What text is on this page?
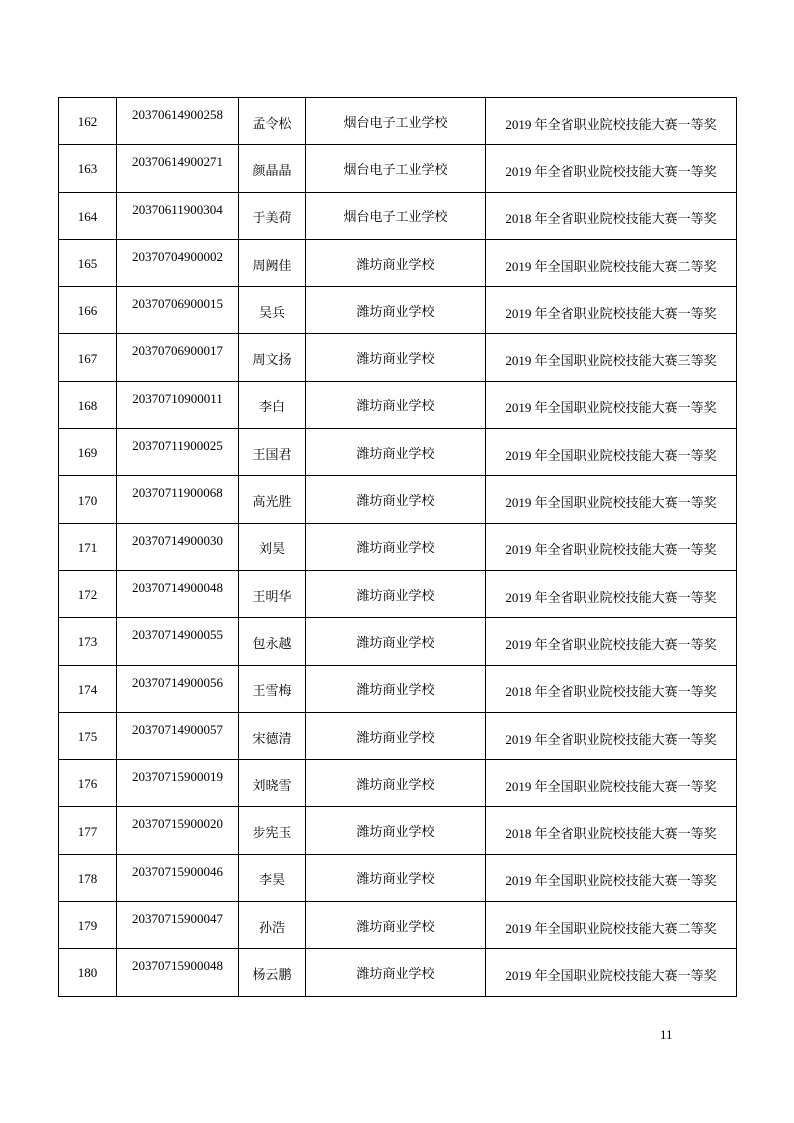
162	20370614900258	孟令松	烟台电子工业学校	2019 年全省职业院校技能大赛一等奖
163	20370614900271	颜晶晶	烟台电子工业学校	2019 年全省职业院校技能大赛一等奖
164	20370611900304	于美荷	烟台电子工业学校	2018 年全省职业院校技能大赛一等奖
165	20370704900002	周阙佳	潍坊商业学校	2019 年全国职业院校技能大赛二等奖
166	20370706900015	吴兵	潍坊商业学校	2019 年全省职业院校技能大赛一等奖
167	20370706900017	周文扬	潍坊商业学校	2019 年全国职业院校技能大赛三等奖
168	20370710900011	李白	潍坊商业学校	2019 年全国职业院校技能大赛一等奖
169	20370711900025	王国君	潍坊商业学校	2019 年全国职业院校技能大赛一等奖
170	20370711900068	高光胜	潍坊商业学校	2019 年全国职业院校技能大赛一等奖
171	20370714900030	刘昊	潍坊商业学校	2019 年全省职业院校技能大赛一等奖
172	20370714900048	王明华	潍坊商业学校	2019 年全省职业院校技能大赛一等奖
173	20370714900055	包永越	潍坊商业学校	2019 年全省职业院校技能大赛一等奖
174	20370714900056	王雪梅	潍坊商业学校	2018 年全省职业院校技能大赛一等奖
175	20370714900057	宋德清	潍坊商业学校	2019 年全省职业院校技能大赛一等奖
176	20370715900019	刘晓雪	潍坊商业学校	2019 年全国职业院校技能大赛一等奖
177	20370715900020	步宪玉	潍坊商业学校	2018 年全省职业院校技能大赛一等奖
178	20370715900046	李昊	潍坊商业学校	2019 年全国职业院校技能大赛一等奖
179	20370715900047	孙浩	潍坊商业学校	2019 年全国职业院校技能大赛二等奖
180	20370715900048	杨云鹏	潍坊商业学校	2019 年全国职业院校技能大赛一等奖
11
